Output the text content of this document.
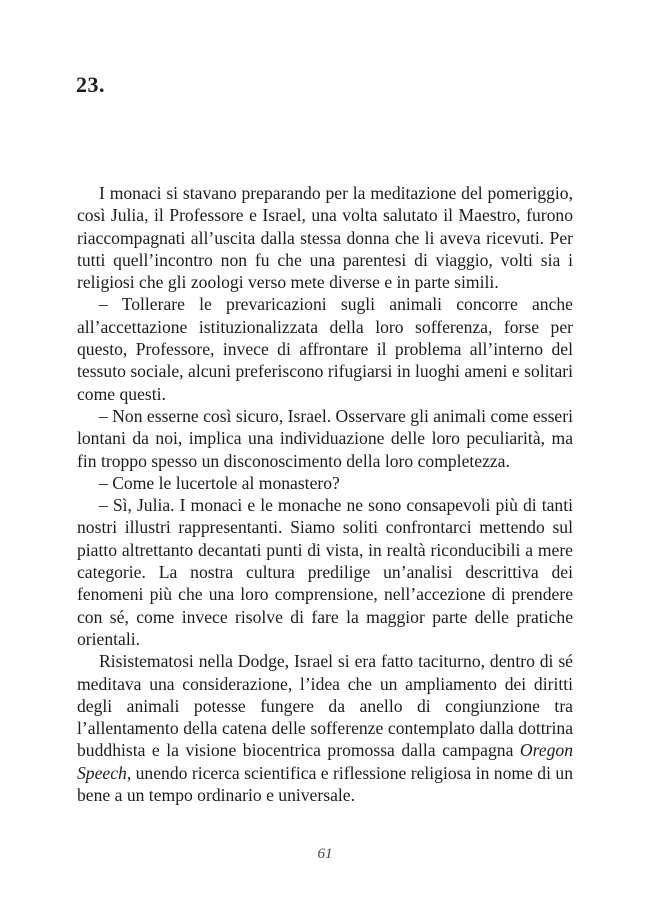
23.

I monaci si stavano preparando per la meditazione del pomeriggio, così Julia, il Professore e Israel, una volta salutato il Maestro, furono riaccompagnati all’uscita dalla stessa donna che li aveva ricevuti. Per tutti quell’incontro non fu che una parentesi di viaggio, volti sia i religiosi che gli zoologi verso mete diverse e in parte simili.

– Tollerare le prevaricazioni sugli animali concorre anche all’accettazione istituzionalizzata della loro sofferenza, forse per questo, Professore, invece di affrontare il problema all’interno del tessuto sociale, alcuni preferiscono rifugiarsi in luoghi ameni e solitari come questi.

– Non esserne così sicuro, Israel. Osservare gli animali come esseri lontani da noi, implica una individuazione delle loro peculiarità, ma fin troppo spesso un disconoscimento della loro completezza.

– Come le lucertole al monastero?

– Sì, Julia. I monaci e le monache ne sono consapevoli più di tanti nostri illustri rappresentanti. Siamo soliti confrontarci mettendo sul piatto altrettanto decantati punti di vista, in realtà riconducibili a mere categorie. La nostra cultura predilige un’analisi descrittiva dei fenomeni più che una loro comprensione, nell’accezione di prendere con sé, come invece risolve di fare la maggior parte delle pratiche orientali.

Risistematosi nella Dodge, Israel si era fatto taciturno, dentro di sé meditava una considerazione, l’idea che un ampliamento dei diritti degli animali potesse fungere da anello di congiunzione tra l’allentamento della catena delle sofferenze contemplato dalla dottrina buddhista e la visione biocentrica promossa dalla campagna Oregon Speech, unendo ricerca scientifica e riflessione religiosa in nome di un bene a un tempo ordinario e universale.

61
